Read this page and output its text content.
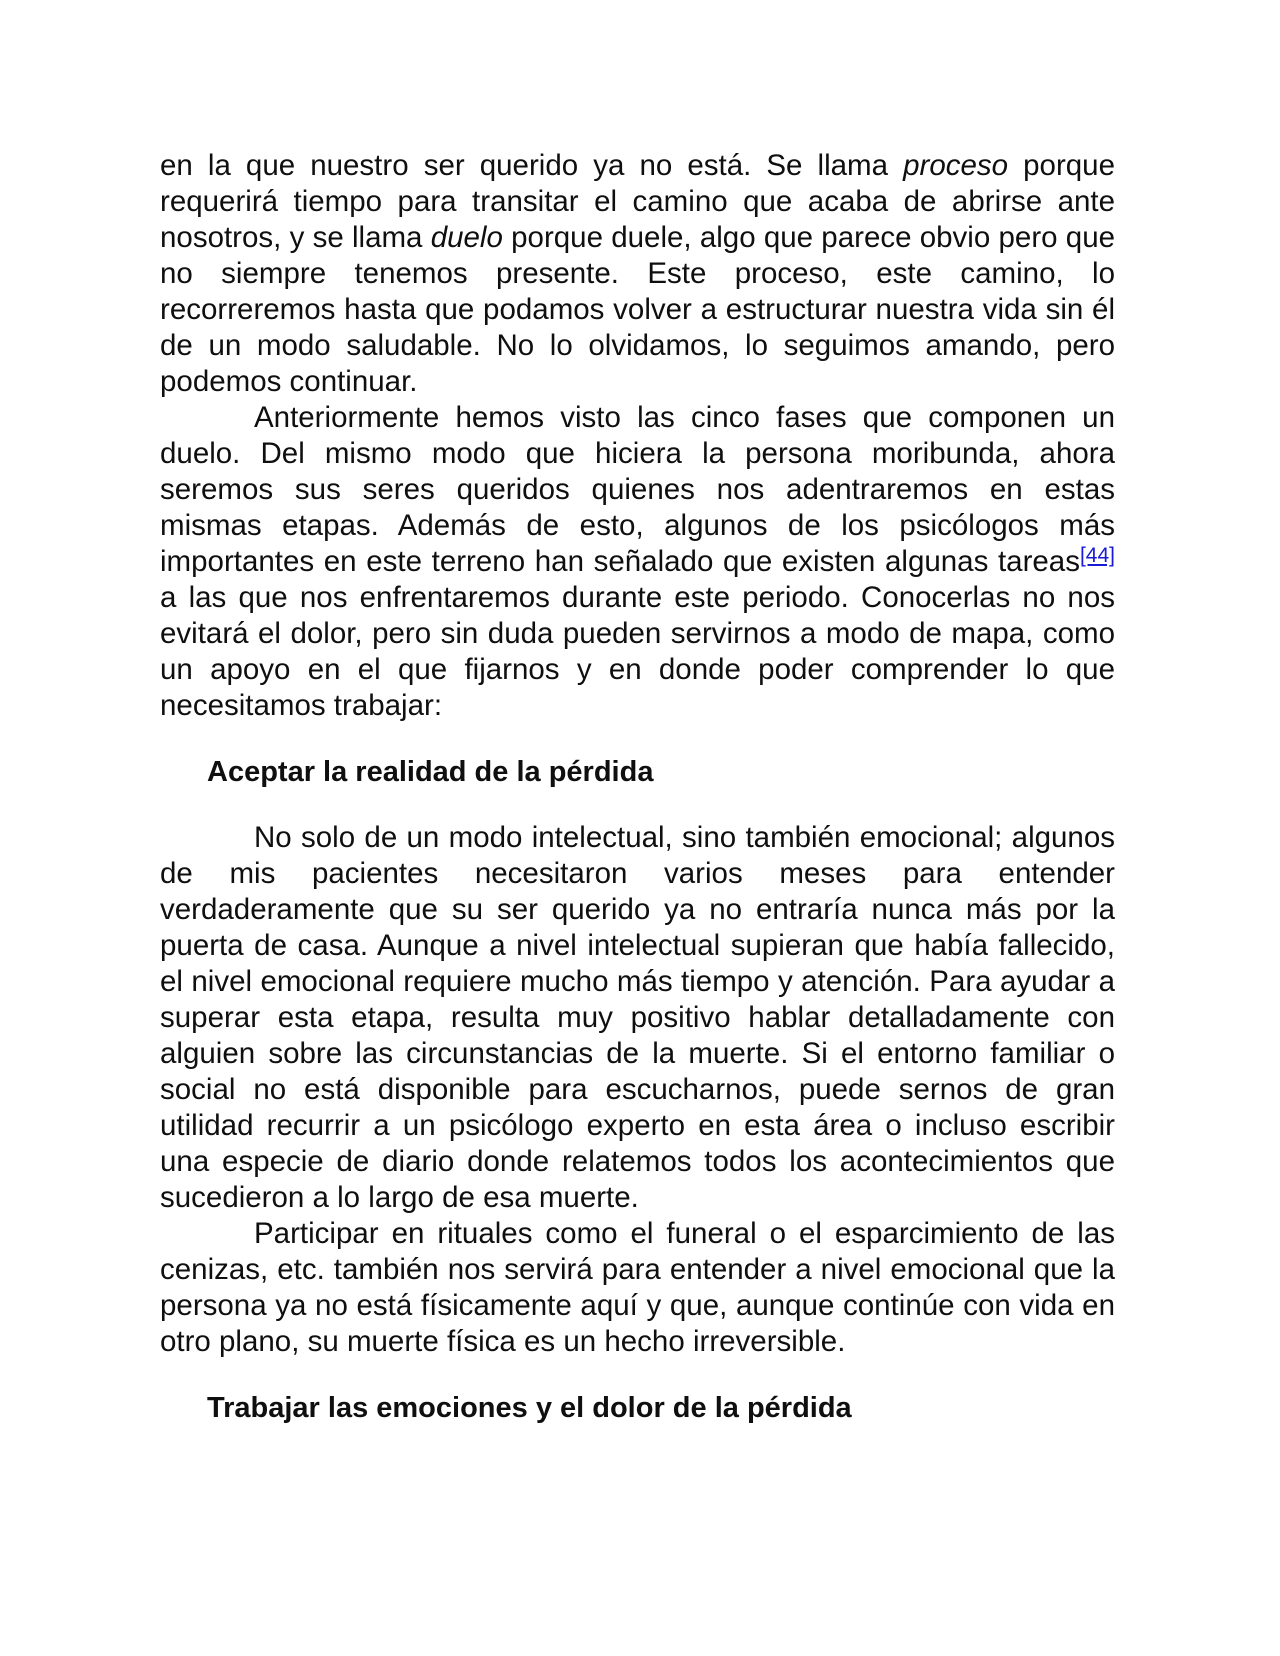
en la que nuestro ser querido ya no está. Se llama proceso porque requerirá tiempo para transitar el camino que acaba de abrirse ante nosotros, y se llama duelo porque duele, algo que parece obvio pero que no siempre tenemos presente. Este proceso, este camino, lo recorreremos hasta que podamos volver a estructurar nuestra vida sin él de un modo saludable. No lo olvidamos, lo seguimos amando, pero podemos continuar.

Anteriormente hemos visto las cinco fases que componen un duelo. Del mismo modo que hiciera la persona moribunda, ahora seremos sus seres queridos quienes nos adentraremos en estas mismas etapas. Además de esto, algunos de los psicólogos más importantes en este terreno han señalado que existen algunas tareas[44] a las que nos enfrentaremos durante este periodo. Conocerlas no nos evitará el dolor, pero sin duda pueden servirnos a modo de mapa, como un apoyo en el que fijarnos y en donde poder comprender lo que necesitamos trabajar:

Aceptar la realidad de la pérdida

No solo de un modo intelectual, sino también emocional; algunos de mis pacientes necesitaron varios meses para entender verdaderamente que su ser querido ya no entraría nunca más por la puerta de casa. Aunque a nivel intelectual supieran que había fallecido, el nivel emocional requiere mucho más tiempo y atención. Para ayudar a superar esta etapa, resulta muy positivo hablar detalladamente con alguien sobre las circunstancias de la muerte. Si el entorno familiar o social no está disponible para escucharnos, puede sernos de gran utilidad recurrir a un psicólogo experto en esta área o incluso escribir una especie de diario donde relatemos todos los acontecimientos que sucedieron a lo largo de esa muerte.

Participar en rituales como el funeral o el esparcimiento de las cenizas, etc. también nos servirá para entender a nivel emocional que la persona ya no está físicamente aquí y que, aunque continúe con vida en otro plano, su muerte física es un hecho irreversible.

Trabajar las emociones y el dolor de la pérdida
